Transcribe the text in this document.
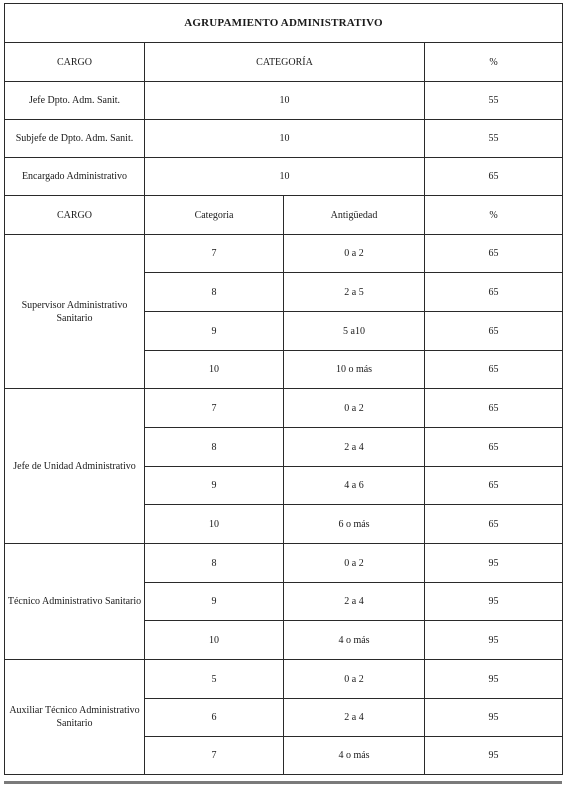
AGRUPAMIENTO ADMINISTRATIVO			
CARGO	CATEGORÍA		%
Jefe Dpto. Adm. Sanit.	10		55
Subjefe de Dpto. Adm. Sanit.	10		55
Encargado Administrativo	10		65
CARGO	Categoria	Antigüedad	%
Supervisor Administrativo Sanitario	7	0 a 2	65
	8	2 a 5	65
	9	5 a10	65
	10	10 o más	65
Jefe de Unidad Administrativo	7	0 a 2	65
	8	2 a 4	65
	9	4 a 6	65
	10	6 o más	65
Técnico Administrativo Sanitario	8	0 a 2	95
	9	2 a 4	95
	10	4 o más	95
Auxiliar Técnico Administrativo Sanitario	5	0 a 2	95
	6	2 a 4	95
	7	4 o más	95
